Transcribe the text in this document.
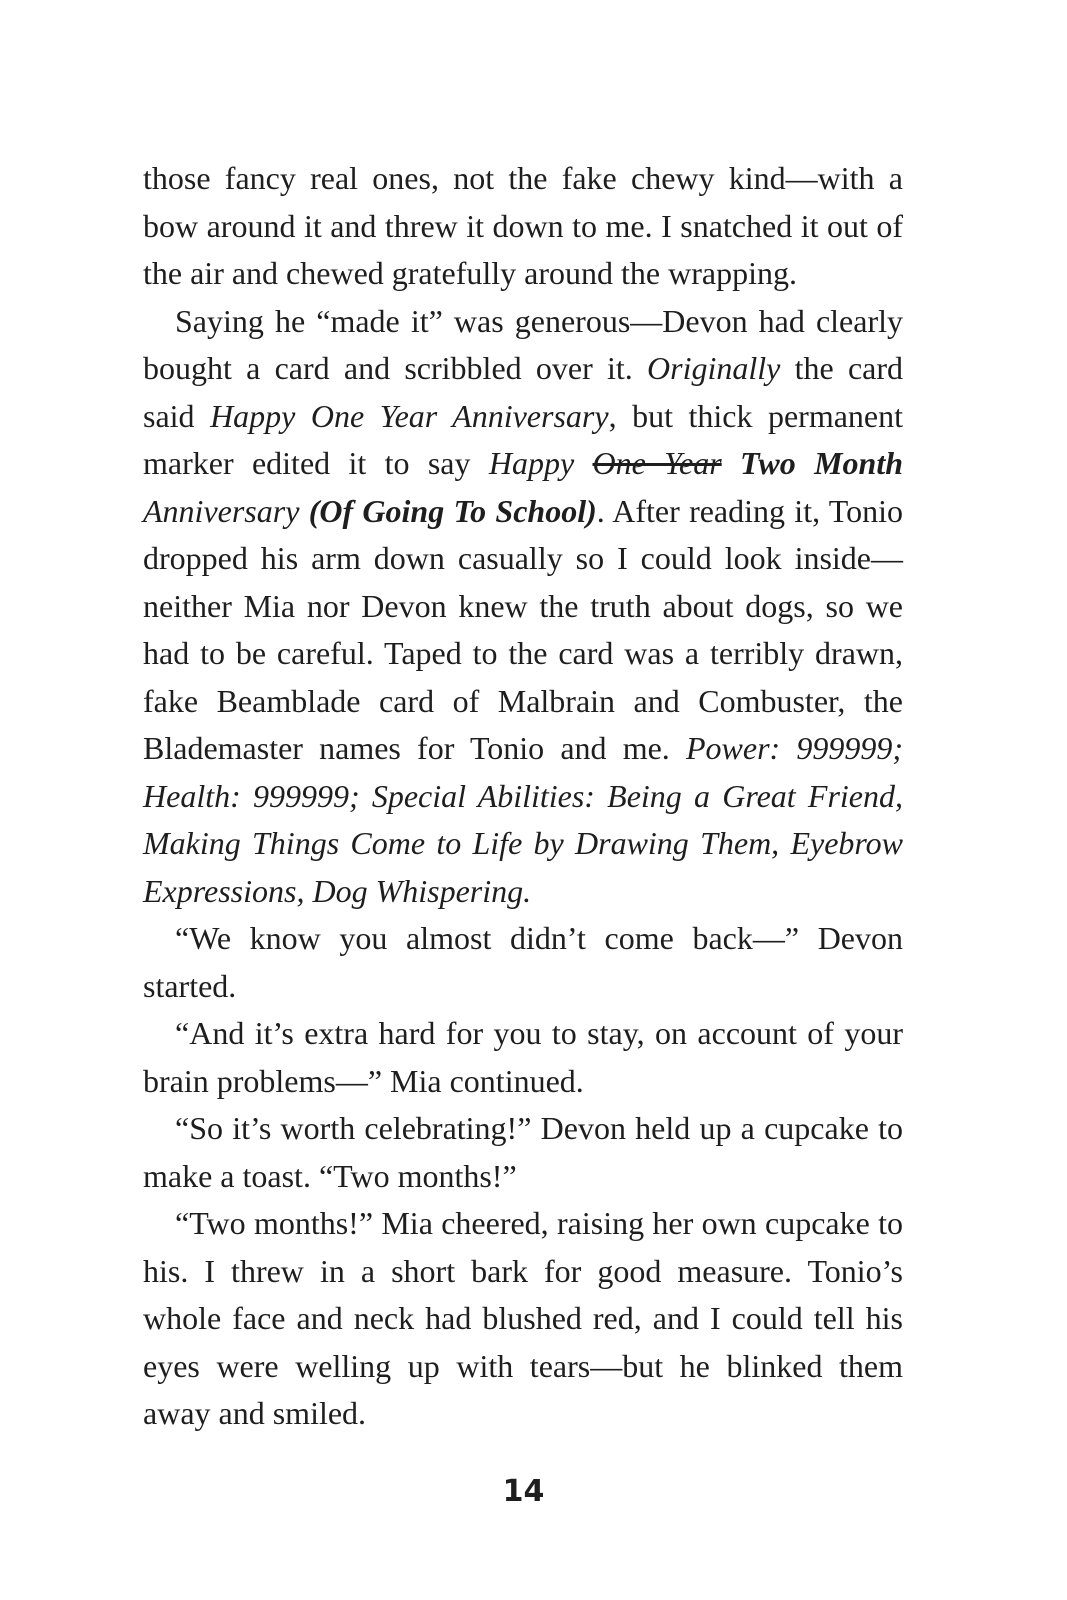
those fancy real ones, not the fake chewy kind—with a bow around it and threw it down to me. I snatched it out of the air and chewed gratefully around the wrapping.

Saying he “made it” was generous—Devon had clearly bought a card and scribbled over it. Originally the card said Happy One Year Anniversary, but thick permanent marker edited it to say Happy One Year Two Month Anniversary (Of Going To School). After reading it, Tonio dropped his arm down casually so I could look inside—neither Mia nor Devon knew the truth about dogs, so we had to be careful. Taped to the card was a terribly drawn, fake Beamblade card of Malbrain and Combuster, the Blademaster names for Tonio and me. Power: 999999; Health: 999999; Special Abilities: Being a Great Friend, Making Things Come to Life by Drawing Them, Eyebrow Expressions, Dog Whispering.

“We know you almost didn’t come back—” Devon started.

“And it’s extra hard for you to stay, on account of your brain problems—” Mia continued.

“So it’s worth celebrating!” Devon held up a cupcake to make a toast. “Two months!”

“Two months!” Mia cheered, raising her own cupcake to his. I threw in a short bark for good measure. Tonio’s whole face and neck had blushed red, and I could tell his eyes were welling up with tears—but he blinked them away and smiled.

14
